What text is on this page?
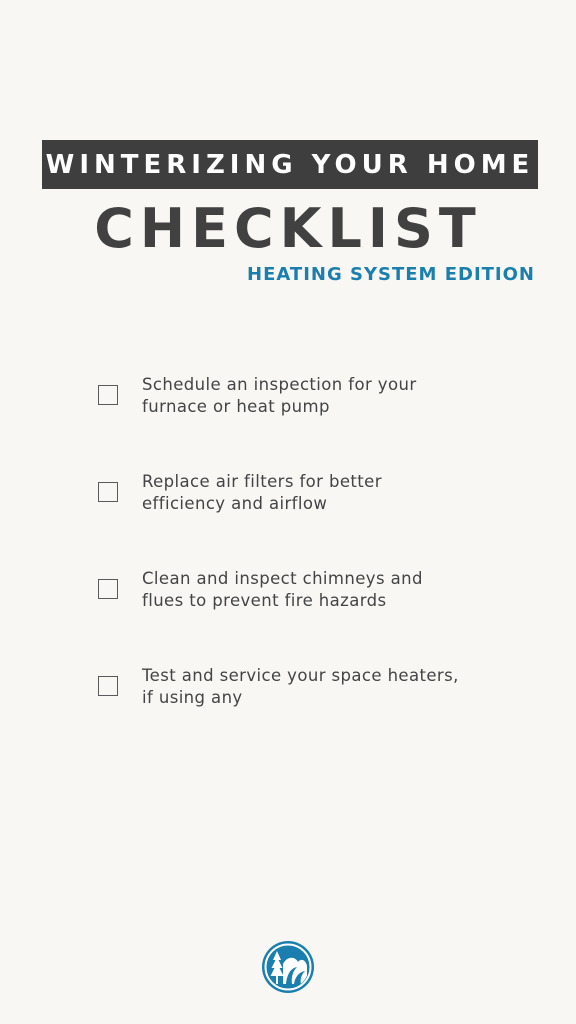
WINTERIZING YOUR HOME
CHECKLIST
HEATING SYSTEM EDITION
Schedule an inspection for your
furnace or heat pump
Replace air filters for better
efficiency and airflow
Clean and inspect chimneys and
flues to prevent fire hazards
Test and service your space heaters,
if using any
